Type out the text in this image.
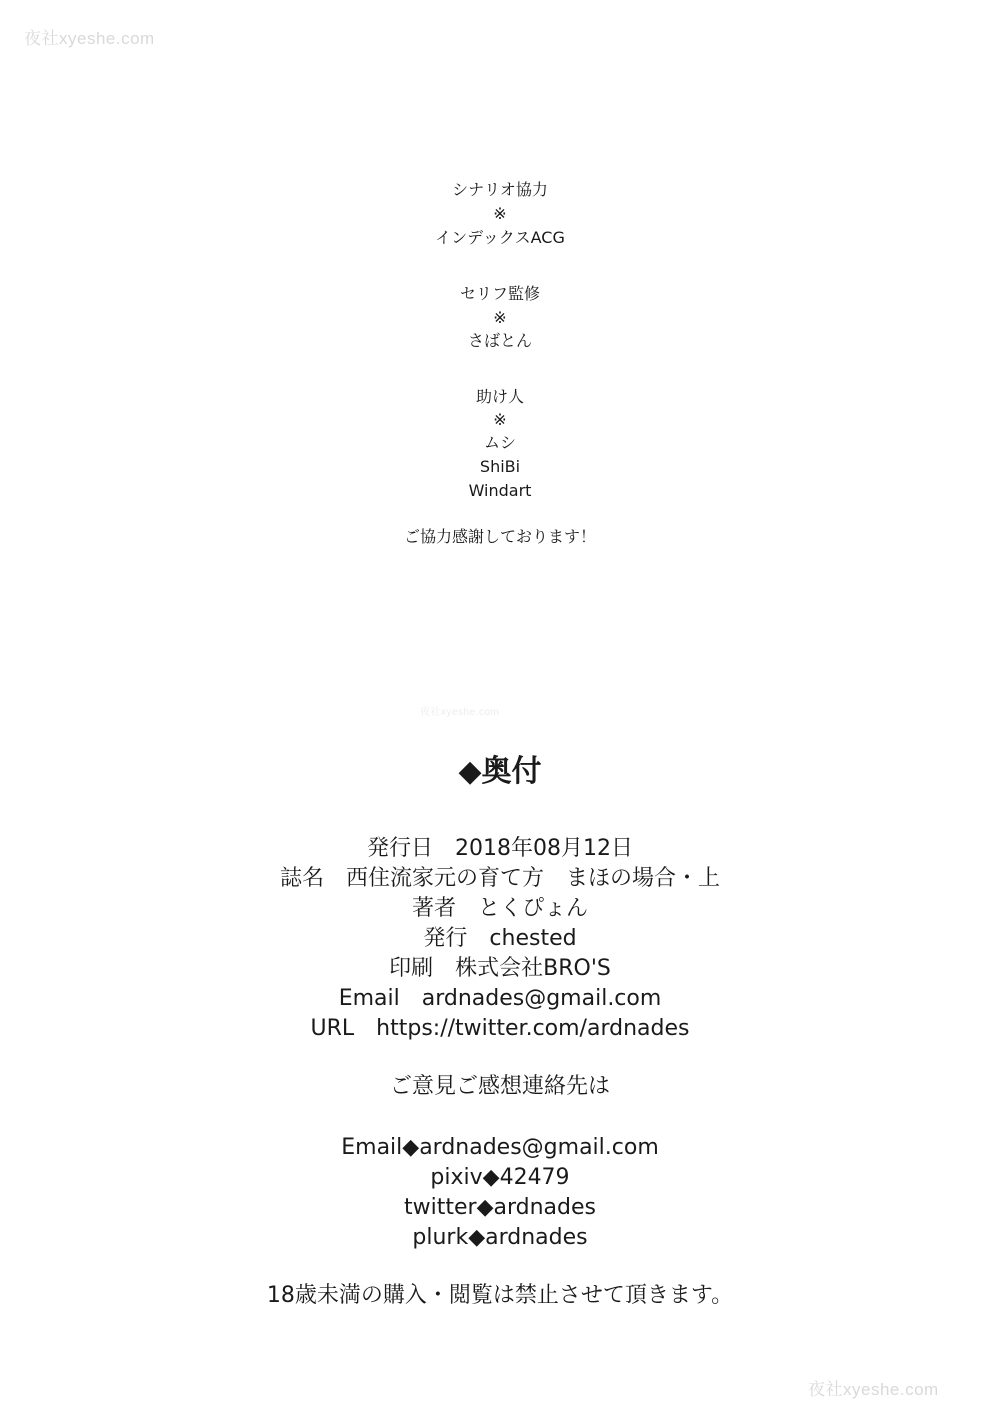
夜社xyeshe.com
夜社xyeshe.com
夜社xyeshe.com
シナリオ協力
※
インデックスACG
セリフ監修
※
さばとん
助け人
※
ムシ
ShiBi
Windart
ご協力感謝しております！
◆奥付
発行日　2018年08月12日
誌名　西住流家元の育て方　まほの場合・上
著者　とくぴょん
発行　chested
印刷　株式会社BRO'S
Email　ardnades@gmail.com
URL　https://twitter.com/ardnades
ご意見ご感想連絡先は
Email◆ardnades@gmail.com
pixiv◆42479
twitter◆ardnades
plurk◆ardnades
18歳未満の購入・閲覧は禁止させて頂きます。
